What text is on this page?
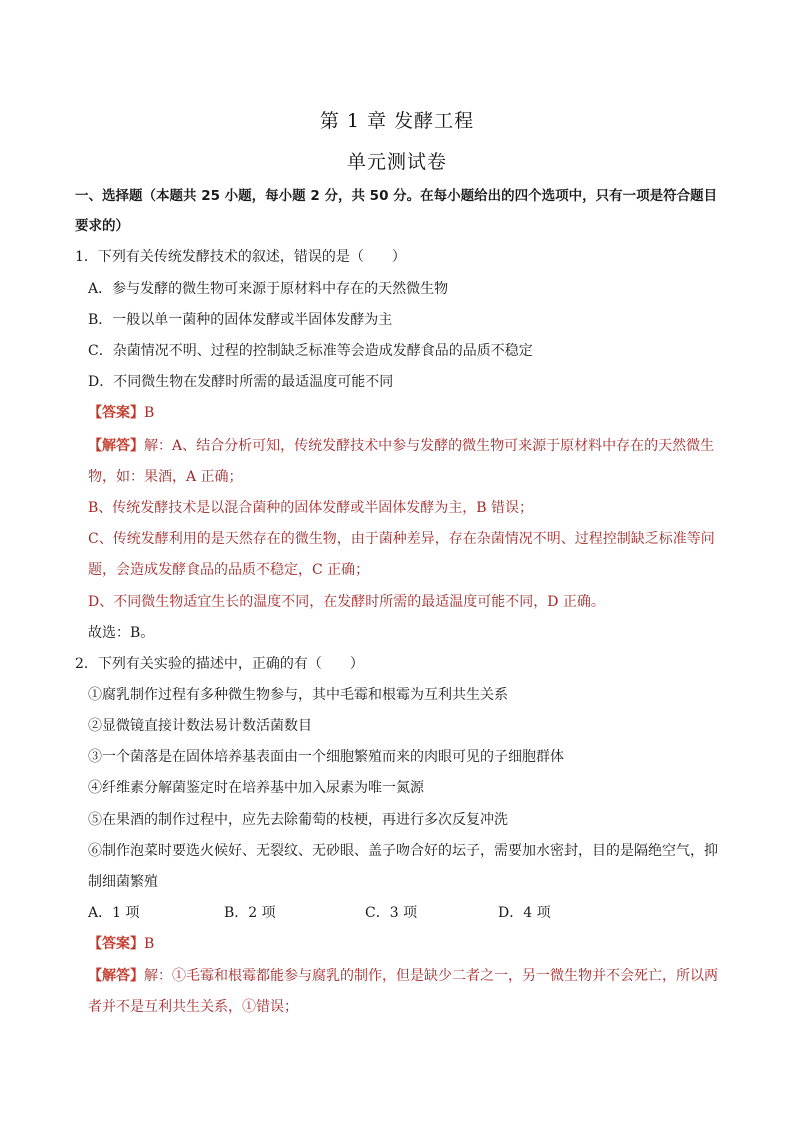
第 1 章 发酵工程
单元测试卷
一、选择题（本题共 25 小题，每小题 2 分，共 50 分。在每小题给出的四个选项中，只有一项是符合题目
要求的）
1．下列有关传统发酵技术的叙述，错误的是（　　）
A．参与发酵的微生物可来源于原材料中存在的天然微生物
B．一般以单一菌种的固体发酵或半固体发酵为主
C．杂菌情况不明、过程的控制缺乏标准等会造成发酵食品的品质不稳定
D．不同微生物在发酵时所需的最适温度可能不同
【答案】B
【解答】解：A、结合分析可知，传统发酵技术中参与发酵的微生物可来源于原材料中存在的天然微生
物，如：果酒，A 正确；
B、传统发酵技术是以混合菌种的固体发酵或半固体发酵为主，B 错误；
C、传统发酵利用的是天然存在的微生物，由于菌种差异，存在杂菌情况不明、过程控制缺乏标准等问
题，会造成发酵食品的品质不稳定，C 正确；
D、不同微生物适宜生长的温度不同，在发酵时所需的最适温度可能不同，D 正确。
故选：B。
2．下列有关实验的描述中，正确的有（　　）
①腐乳制作过程有多种微生物参与，其中毛霉和根霉为互利共生关系
②显微镜直接计数法易计数活菌数目
③一个菌落是在固体培养基表面由一个细胞繁殖而来的肉眼可见的子细胞群体
④纤维素分解菌鉴定时在培养基中加入尿素为唯一氮源
⑤在果酒的制作过程中，应先去除葡萄的枝梗，再进行多次反复冲洗
⑥制作泡菜时要选火候好、无裂纹、无砂眼、盖子吻合好的坛子，需要加水密封，目的是隔绝空气，抑
制细菌繁殖
A．1 项	B．2 项	C．3 项	D．4 项
【答案】B
【解答】解：①毛霉和根霉都能参与腐乳的制作，但是缺少二者之一，另一微生物并不会死亡，所以两
者并不是互利共生关系，①错误；
